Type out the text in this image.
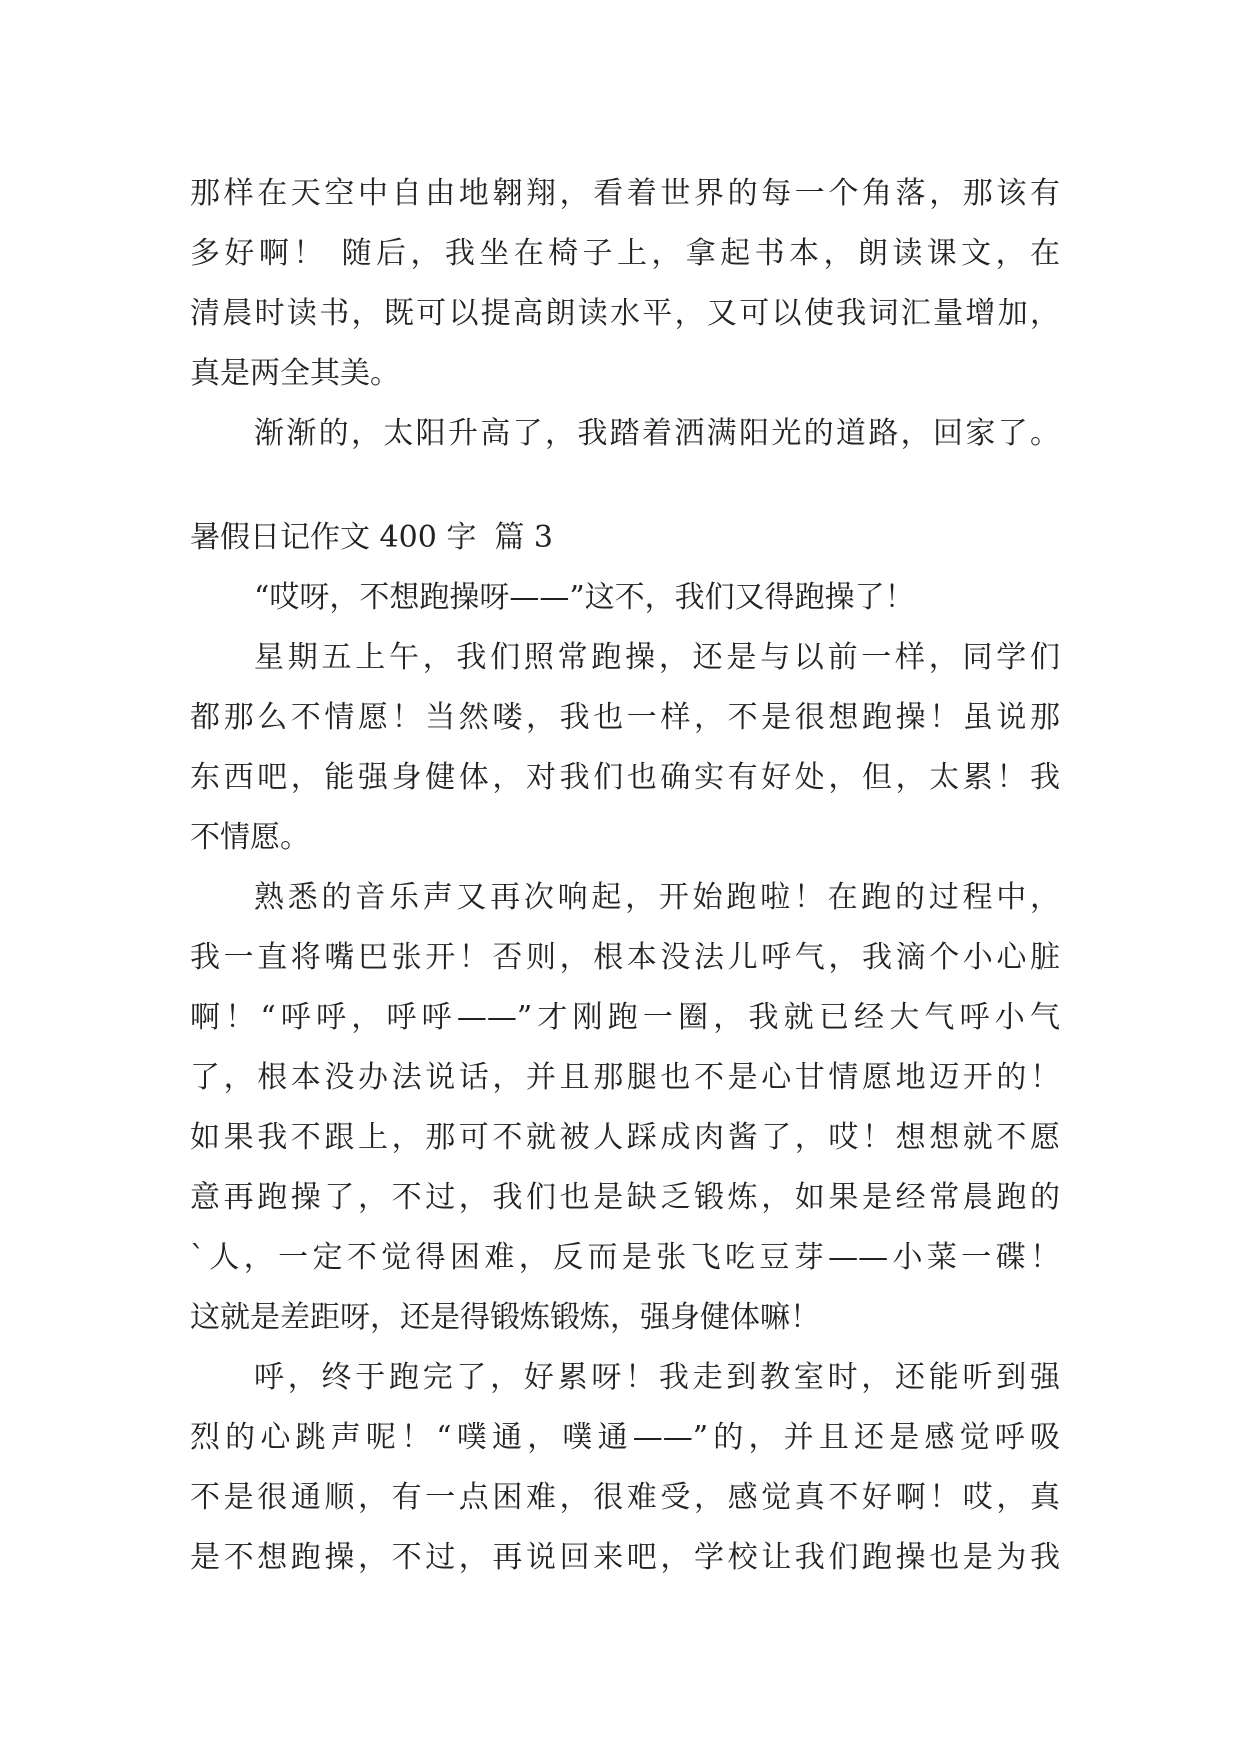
那样在天空中自由地翱翔，看着世界的每一个角落，那该有
多好啊！ 随后，我坐在椅子上，拿起书本，朗读课文，在
清晨时读书，既可以提高朗读水平，又可以使我词汇量增加，
真是两全其美。
渐渐的，太阳升高了，我踏着洒满阳光的道路，回家了。
暑假日记作文 400 字 篇 3
“哎呀，不想跑操呀——”这不，我们又得跑操了！
星期五上午，我们照常跑操，还是与以前一样，同学们
都那么不情愿！当然喽，我也一样，不是很想跑操！虽说那
东西吧，能强身健体，对我们也确实有好处，但，太累！我
不情愿。
熟悉的音乐声又再次响起，开始跑啦！在跑的过程中，
我一直将嘴巴张开！否则，根本没法儿呼气，我滴个小心脏
啊！“呼呼，呼呼——”才刚跑一圈，我就已经大气呼小气
了，根本没办法说话，并且那腿也不是心甘情愿地迈开的！
如果我不跟上，那可不就被人踩成肉酱了，哎！想想就不愿
意再跑操了，不过，我们也是缺乏锻炼，如果是经常晨跑的
`人，一定不觉得困难，反而是张飞吃豆芽——小菜一碟！
这就是差距呀，还是得锻炼锻炼，强身健体嘛！
呼，终于跑完了，好累呀！我走到教室时，还能听到强
烈的心跳声呢！“噗通，噗通——”的，并且还是感觉呼吸
不是很通顺，有一点困难，很难受，感觉真不好啊！哎，真
是不想跑操，不过，再说回来吧，学校让我们跑操也是为我
